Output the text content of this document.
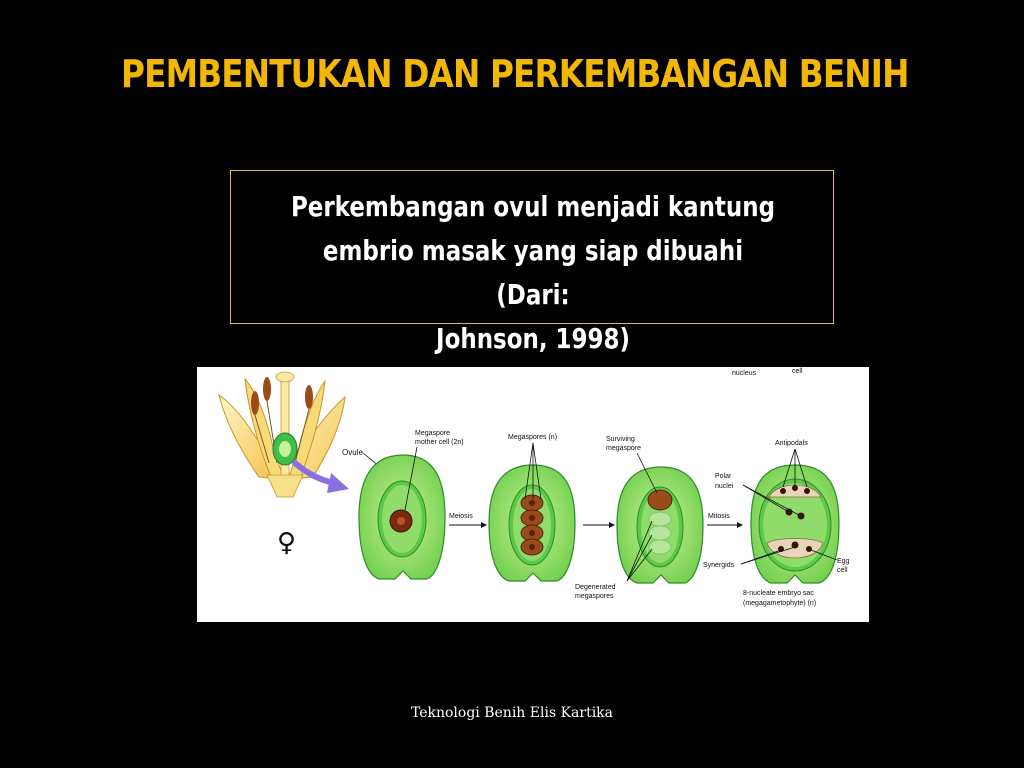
PEMBENTUKAN DAN PERKEMBANGAN BENIH
Perkembangan ovul menjadi kantung
embrio masak yang siap dibuahi (Dari:
Johnson, 1998)
nucleus	cell
♀
Ovule
Megaspore
mother cell (2n)
Meiosis
Megaspores (n)	Surviving
megaspore
Degenerated
megaspores
Mitosis
Antipodals
Polar
nuclei
Synergids
Egg
cell
8-nucleate embryo sac
(megagametophyte) (n)
Teknologi Benih Elis Kartika
